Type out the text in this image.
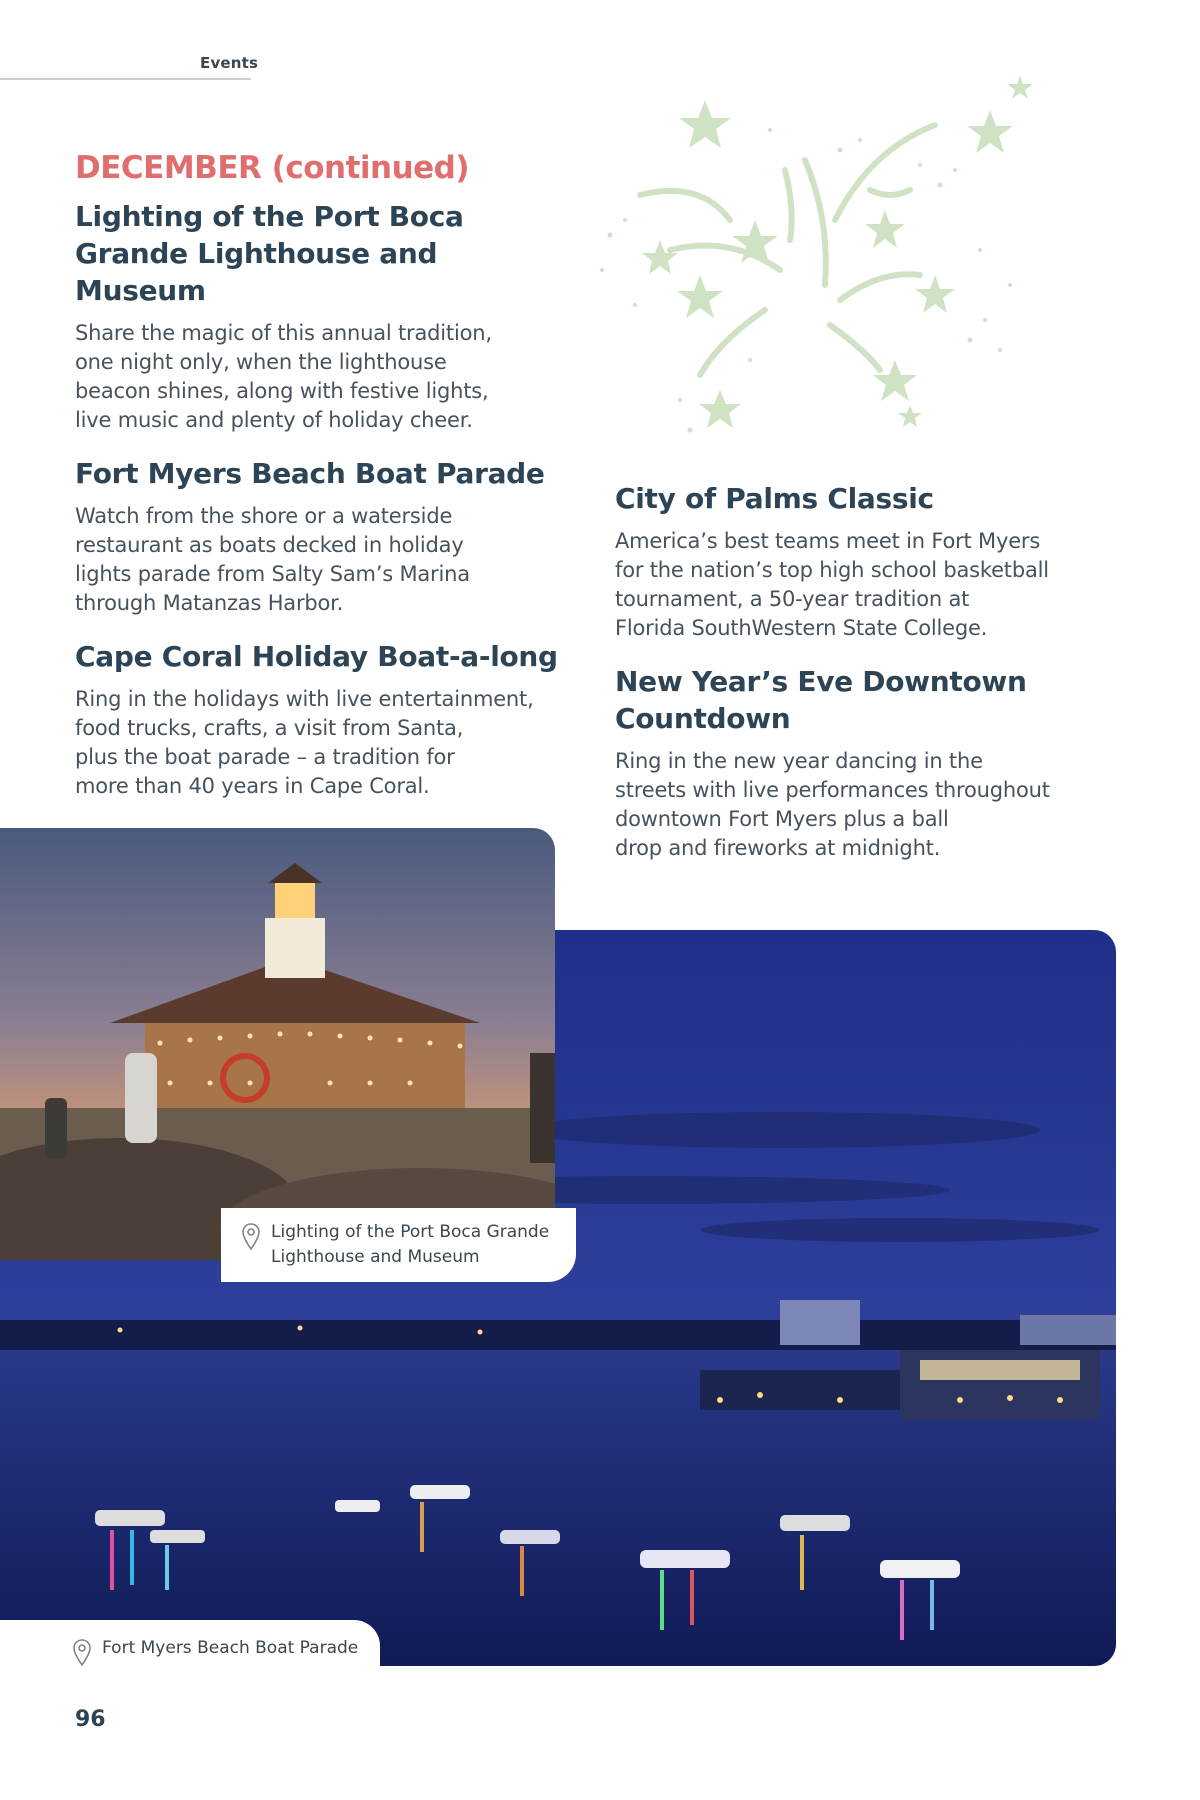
Events
DECEMBER (continued)
Lighting of the Port Boca Grande Lighthouse and Museum

Share the magic of this annual tradition,
one night only, when the lighthouse
beacon shines, along with festive lights,
live music and plenty of holiday cheer.

Fort Myers Beach Boat Parade

Watch from the shore or a waterside
restaurant as boats decked in holiday
lights parade from Salty Sam’s Marina
through Matanzas Harbor.

Cape Coral Holiday Boat-a-long

Ring in the holidays with live entertainment,
food trucks, crafts, a visit from Santa,
plus the boat parade – a tradition for
more than 40 years in Cape Coral.

City of Palms Classic

America’s best teams meet in Fort Myers
for the nation’s top high school basketball
tournament, a 50-year tradition at
Florida SouthWestern State College.

New Year’s Eve Downtown
Countdown

Ring in the new year dancing in the
streets with live performances throughout
downtown Fort Myers plus a ball
drop and fireworks at midnight.

Lighting of the Port Boca Grande
Lighthouse and Museum
Fort Myers Beach Boat Parade
96
